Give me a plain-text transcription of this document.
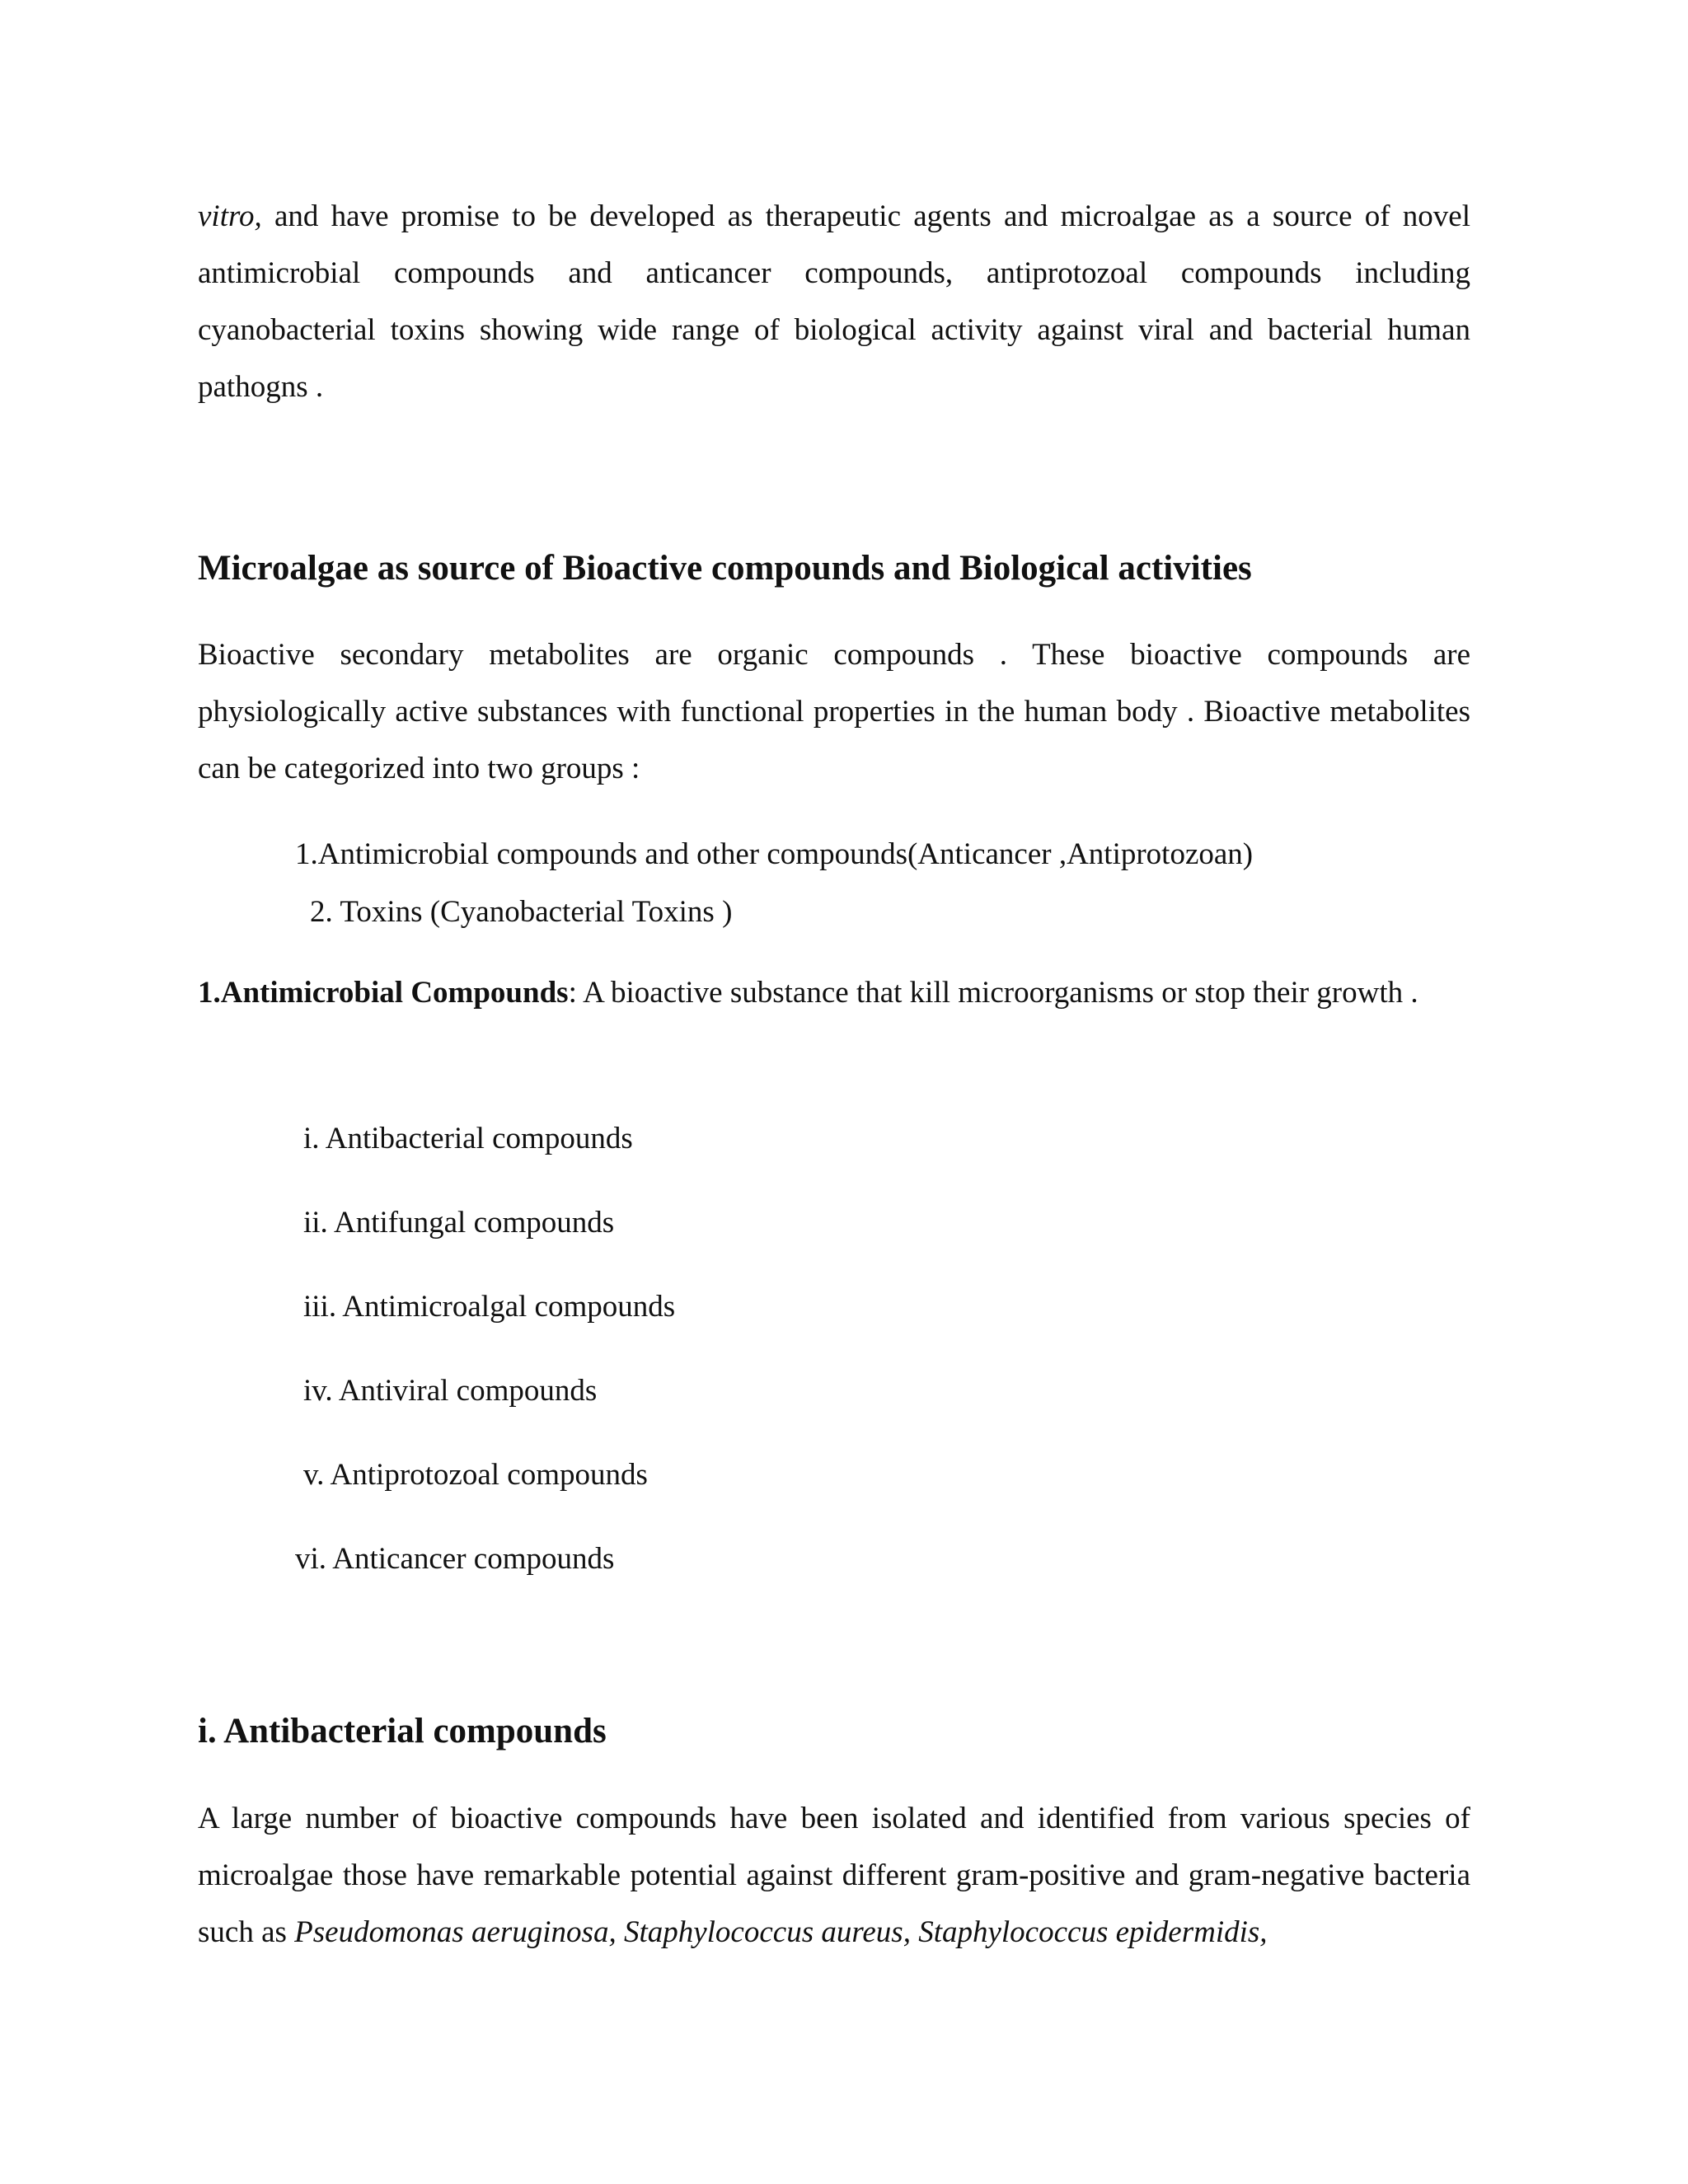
vitro, and have promise to be developed as therapeutic agents and microalgae as a source of novel antimicrobial compounds and anticancer compounds, antiprotozoal compounds including cyanobacterial toxins showing wide range of biological activity against viral and bacterial human pathogns .
Microalgae as source of Bioactive compounds and Biological activities
Bioactive secondary metabolites are organic compounds . These bioactive compounds are physiologically active substances with functional properties in the human body . Bioactive metabolites can be categorized into two groups :
1.Antimicrobial compounds and other compounds(Anticancer ,Antiprotozoan)
2. Toxins (Cyanobacterial Toxins )
1.Antimicrobial Compounds: A bioactive substance that kill microorganisms or stop their growth .
i. Antibacterial compounds
ii. Antifungal compounds
iii. Antimicroalgal compounds
iv. Antiviral compounds
v. Antiprotozoal compounds
vi. Anticancer compounds
i. Antibacterial compounds
A large number of bioactive compounds have been isolated and identified from various species of microalgae those have remarkable potential against different gram-positive and gram-negative bacteria such as Pseudomonas aeruginosa, Staphylococcus aureus, Staphylococcus epidermidis,
